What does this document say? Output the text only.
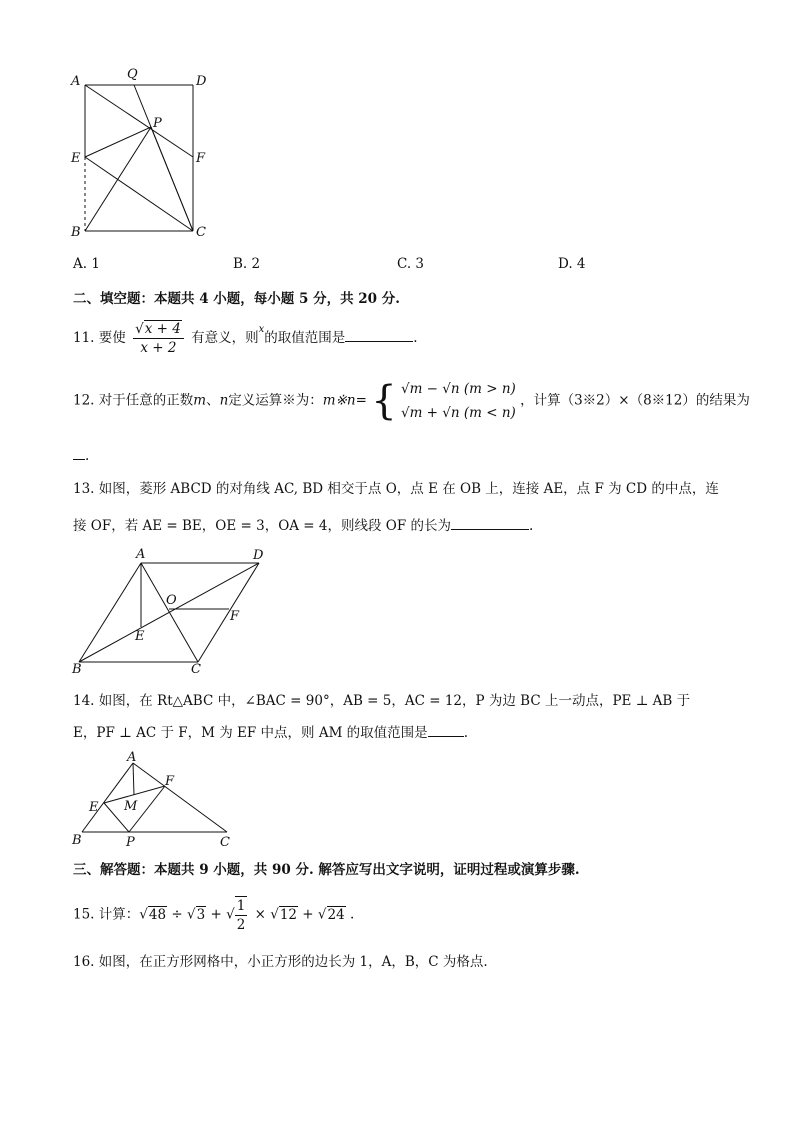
A	Q	D
P
E	F
B	C
A. 1	B. 2	C. 3	D. 4
二、填空题：本题共 4 小题，每小题 5 分，共 20 分.
11. 要使 $\frac{√x + 4}{x + 2}$ 有意义，则$^x$的取值范围是	.
12. 对于任意的正数m、n定义运算※为：m※n= { √m − √n (m > n)
√m + √n (m < n)
，计算（3※2）×（8※12）的结果为
.
13. 如图，菱形 ABCD 的对角线 AC, BD 相交于点 O，点 E 在 OB 上，连接 AE，点 F 为 CD 的中点，连
接 OF，若 AE = BE，OE = 3，OA = 4，则线段 OF 的长为	.
A	D
O
F
E
B	C
14. 如图，在 Rt△ABC 中，∠BAC = 90°，AB = 5，AC = 12，P 为边 BC 上一动点，PE ⊥ AB 于
E，PF ⊥ AC 于 F，M 为 EF 中点，则 AM 的取值范围是	.
A
F
E M
B	P	C
三、解答题：本题共 9 小题，共 90 分. 解答应写出文字说明，证明过程或演算步骤.
15. 计算：√48 ÷ √3 + √ $\frac{1}{2} \times √12 + √24$ .
16. 如图，在正方形网格中，小正方形的边长为 1，A，B，C 为格点.
